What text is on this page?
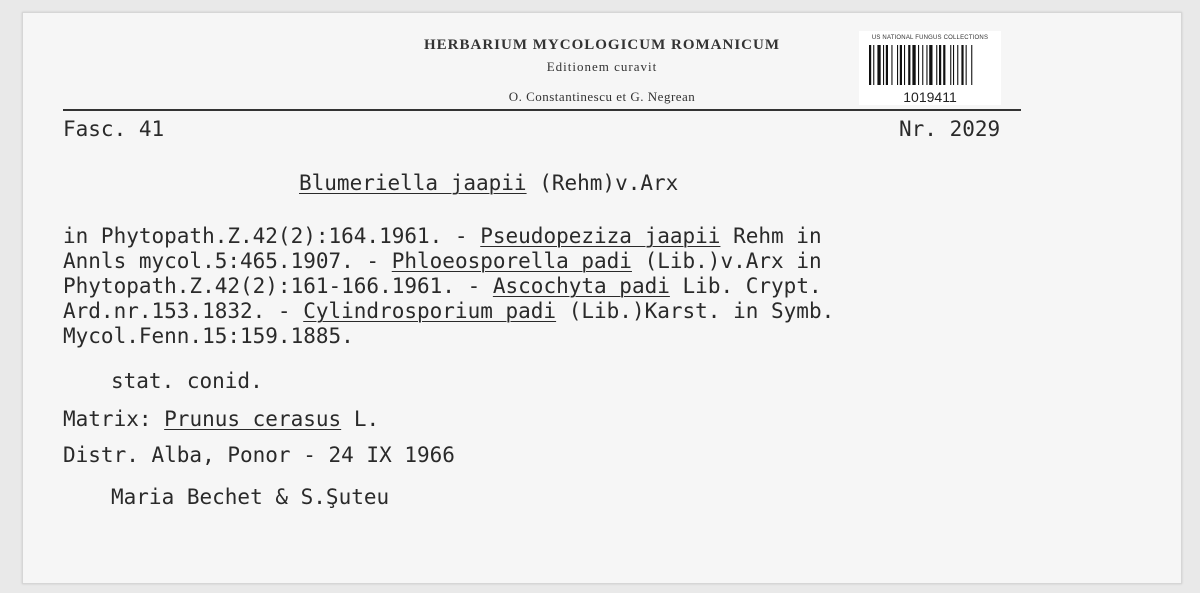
HERBARIUM MYCOLOGICUM ROMANICUM
Editionem curavit
O. Constantinescu et G. Negrean
US NATIONAL FUNGUS COLLECTIONS
1019411
Fasc. 41	Nr. 2029
Blumeriella jaapii (Rehm)v.Arx
in Phytopath.Z.42(2):164.1961. - Pseudopeziza jaapii Rehm in
Annls mycol.5:465.1907. - Phloeosporella padi (Lib.)v.Arx in
Phytopath.Z.42(2):161-166.1961. - Ascochyta padi Lib. Crypt.
Ard.nr.153.1832. - Cylindrosporium padi (Lib.)Karst. in Symb.
Mycol.Fenn.15:159.1885.
stat. conid.
Matrix: Prunus cerasus L.
Distr. Alba, Ponor - 24 IX 1966
Maria Bechet & S.Şuteu
